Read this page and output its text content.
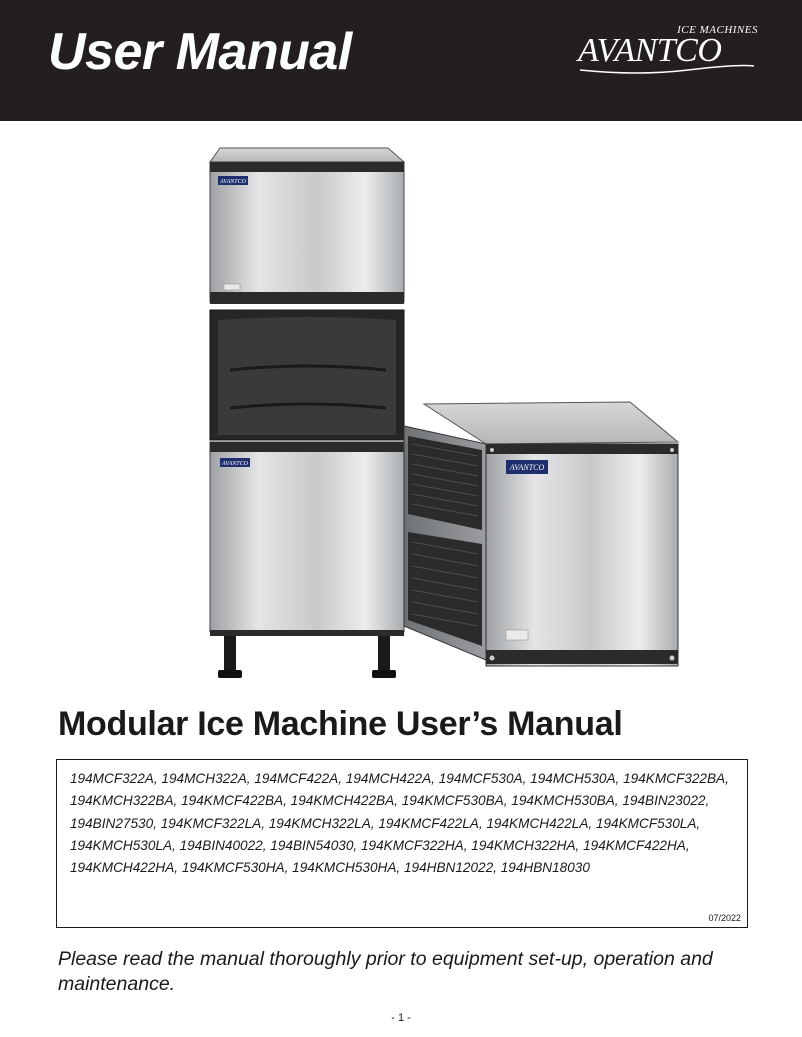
User Manual	ICE MACHINES
AVANTCO
AVANTCO
AVANTCO	AVANTCO
Modular Ice Machine User’s Manual
194MCF322A, 194MCH322A, 194MCF422A, 194MCH422A, 194MCF530A, 194MCH530A, 194KMCF322BA, 194KMCH322BA, 194KMCF422BA, 194KMCH422BA, 194KMCF530BA, 194KMCH530BA, 194BIN23022, 194BIN27530, 194KMCF322LA, 194KMCH322LA, 194KMCF422LA, 194KMCH422LA, 194KMCF530LA, 194KMCH530LA, 194BIN40022, 194BIN54030, 194KMCF322HA, 194KMCH322HA, 194KMCF422HA, 194KMCH422HA, 194KMCF530HA, 194KMCH530HA, 194HBN12022, 194HBN18030
07/2022
Please read the manual thoroughly prior to equipment set-up, operation and maintenance.
- 1 -
